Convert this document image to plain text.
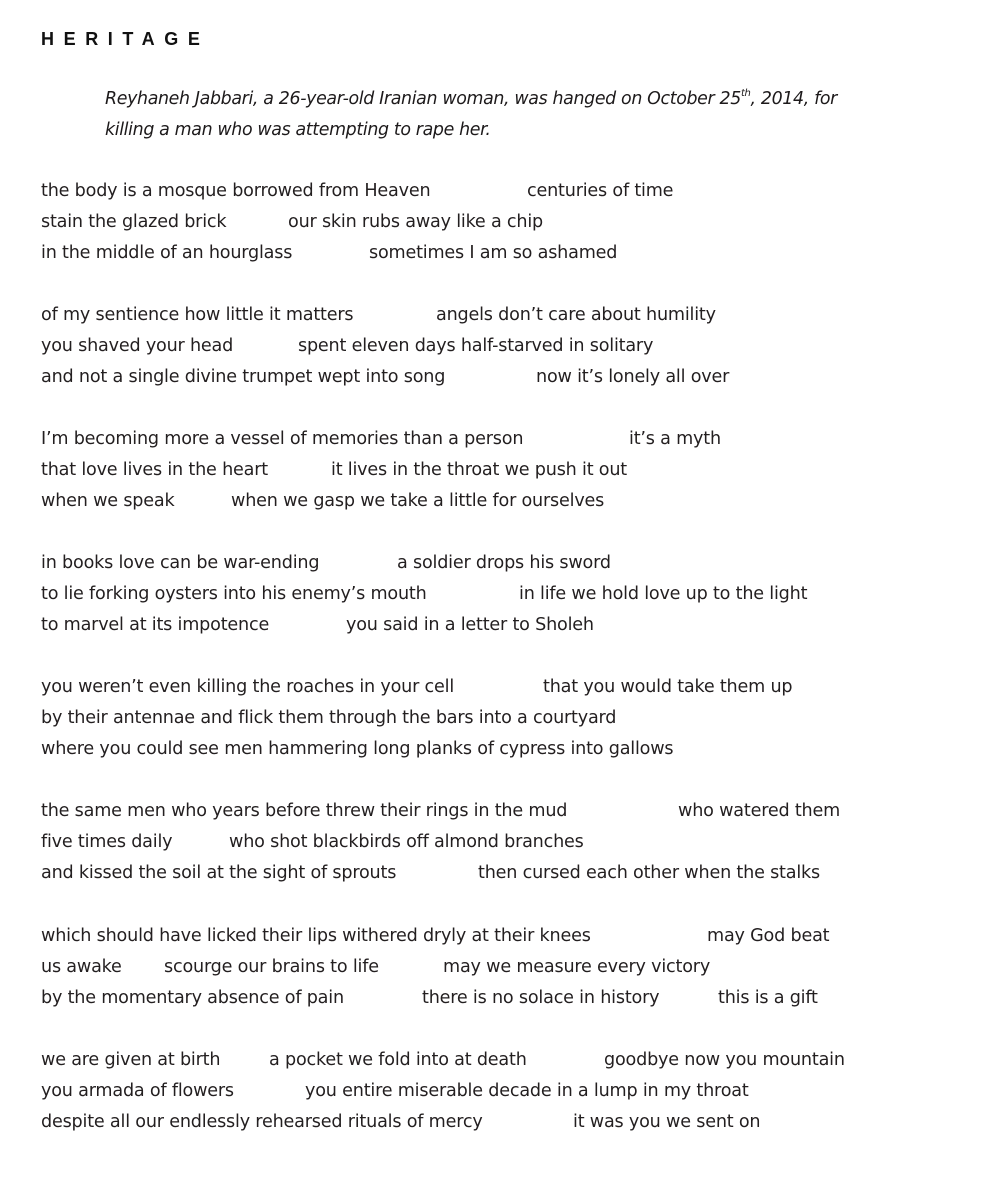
HERITAGE

Reyhaneh Jabbari, a 26-year-old Iranian woman, was hanged on October 25th, 2014, for
killing a man who was attempting to rape her.

the body is a mosque borrowed from Heaven	centuries of time
stain the glazed brick	our skin rubs away like a chip
in the middle of an hourglass	sometimes I am so ashamed
of my sentience how little it matters	angels don’t care about humility
you shaved your head	spent eleven days half-starved in solitary
and not a single divine trumpet wept into song	now it’s lonely all over
I’m becoming more a vessel of memories than a person	it’s a myth
that love lives in the heart	it lives in the throat we push it out
when we speak	when we gasp we take a little for ourselves
in books love can be war-ending	a soldier drops his sword
to lie forking oysters into his enemy’s mouth	in life we hold love up to the light
to marvel at its impotence	you said in a letter to Sholeh
you weren’t even killing the roaches in your cell	that you would take them up
by their antennae and flick them through the bars into a courtyard
where you could see men hammering long planks of cypress into gallows
the same men who years before threw their rings in the mud	who watered them
five times daily	who shot blackbirds off almond branches
and kissed the soil at the sight of sprouts	then cursed each other when the stalks
which should have licked their lips withered dryly at their knees	may God beat
us awake scourge our brains to life	may we measure every victory
by the momentary absence of pain	there is no solace in history	this is a gift
we are given at birth	a pocket we fold into at death	goodbye now you mountain
you armada of flowers	you entire miserable decade in a lump in my throat
despite all our endlessly rehearsed rituals of mercy	it was you we sent on
